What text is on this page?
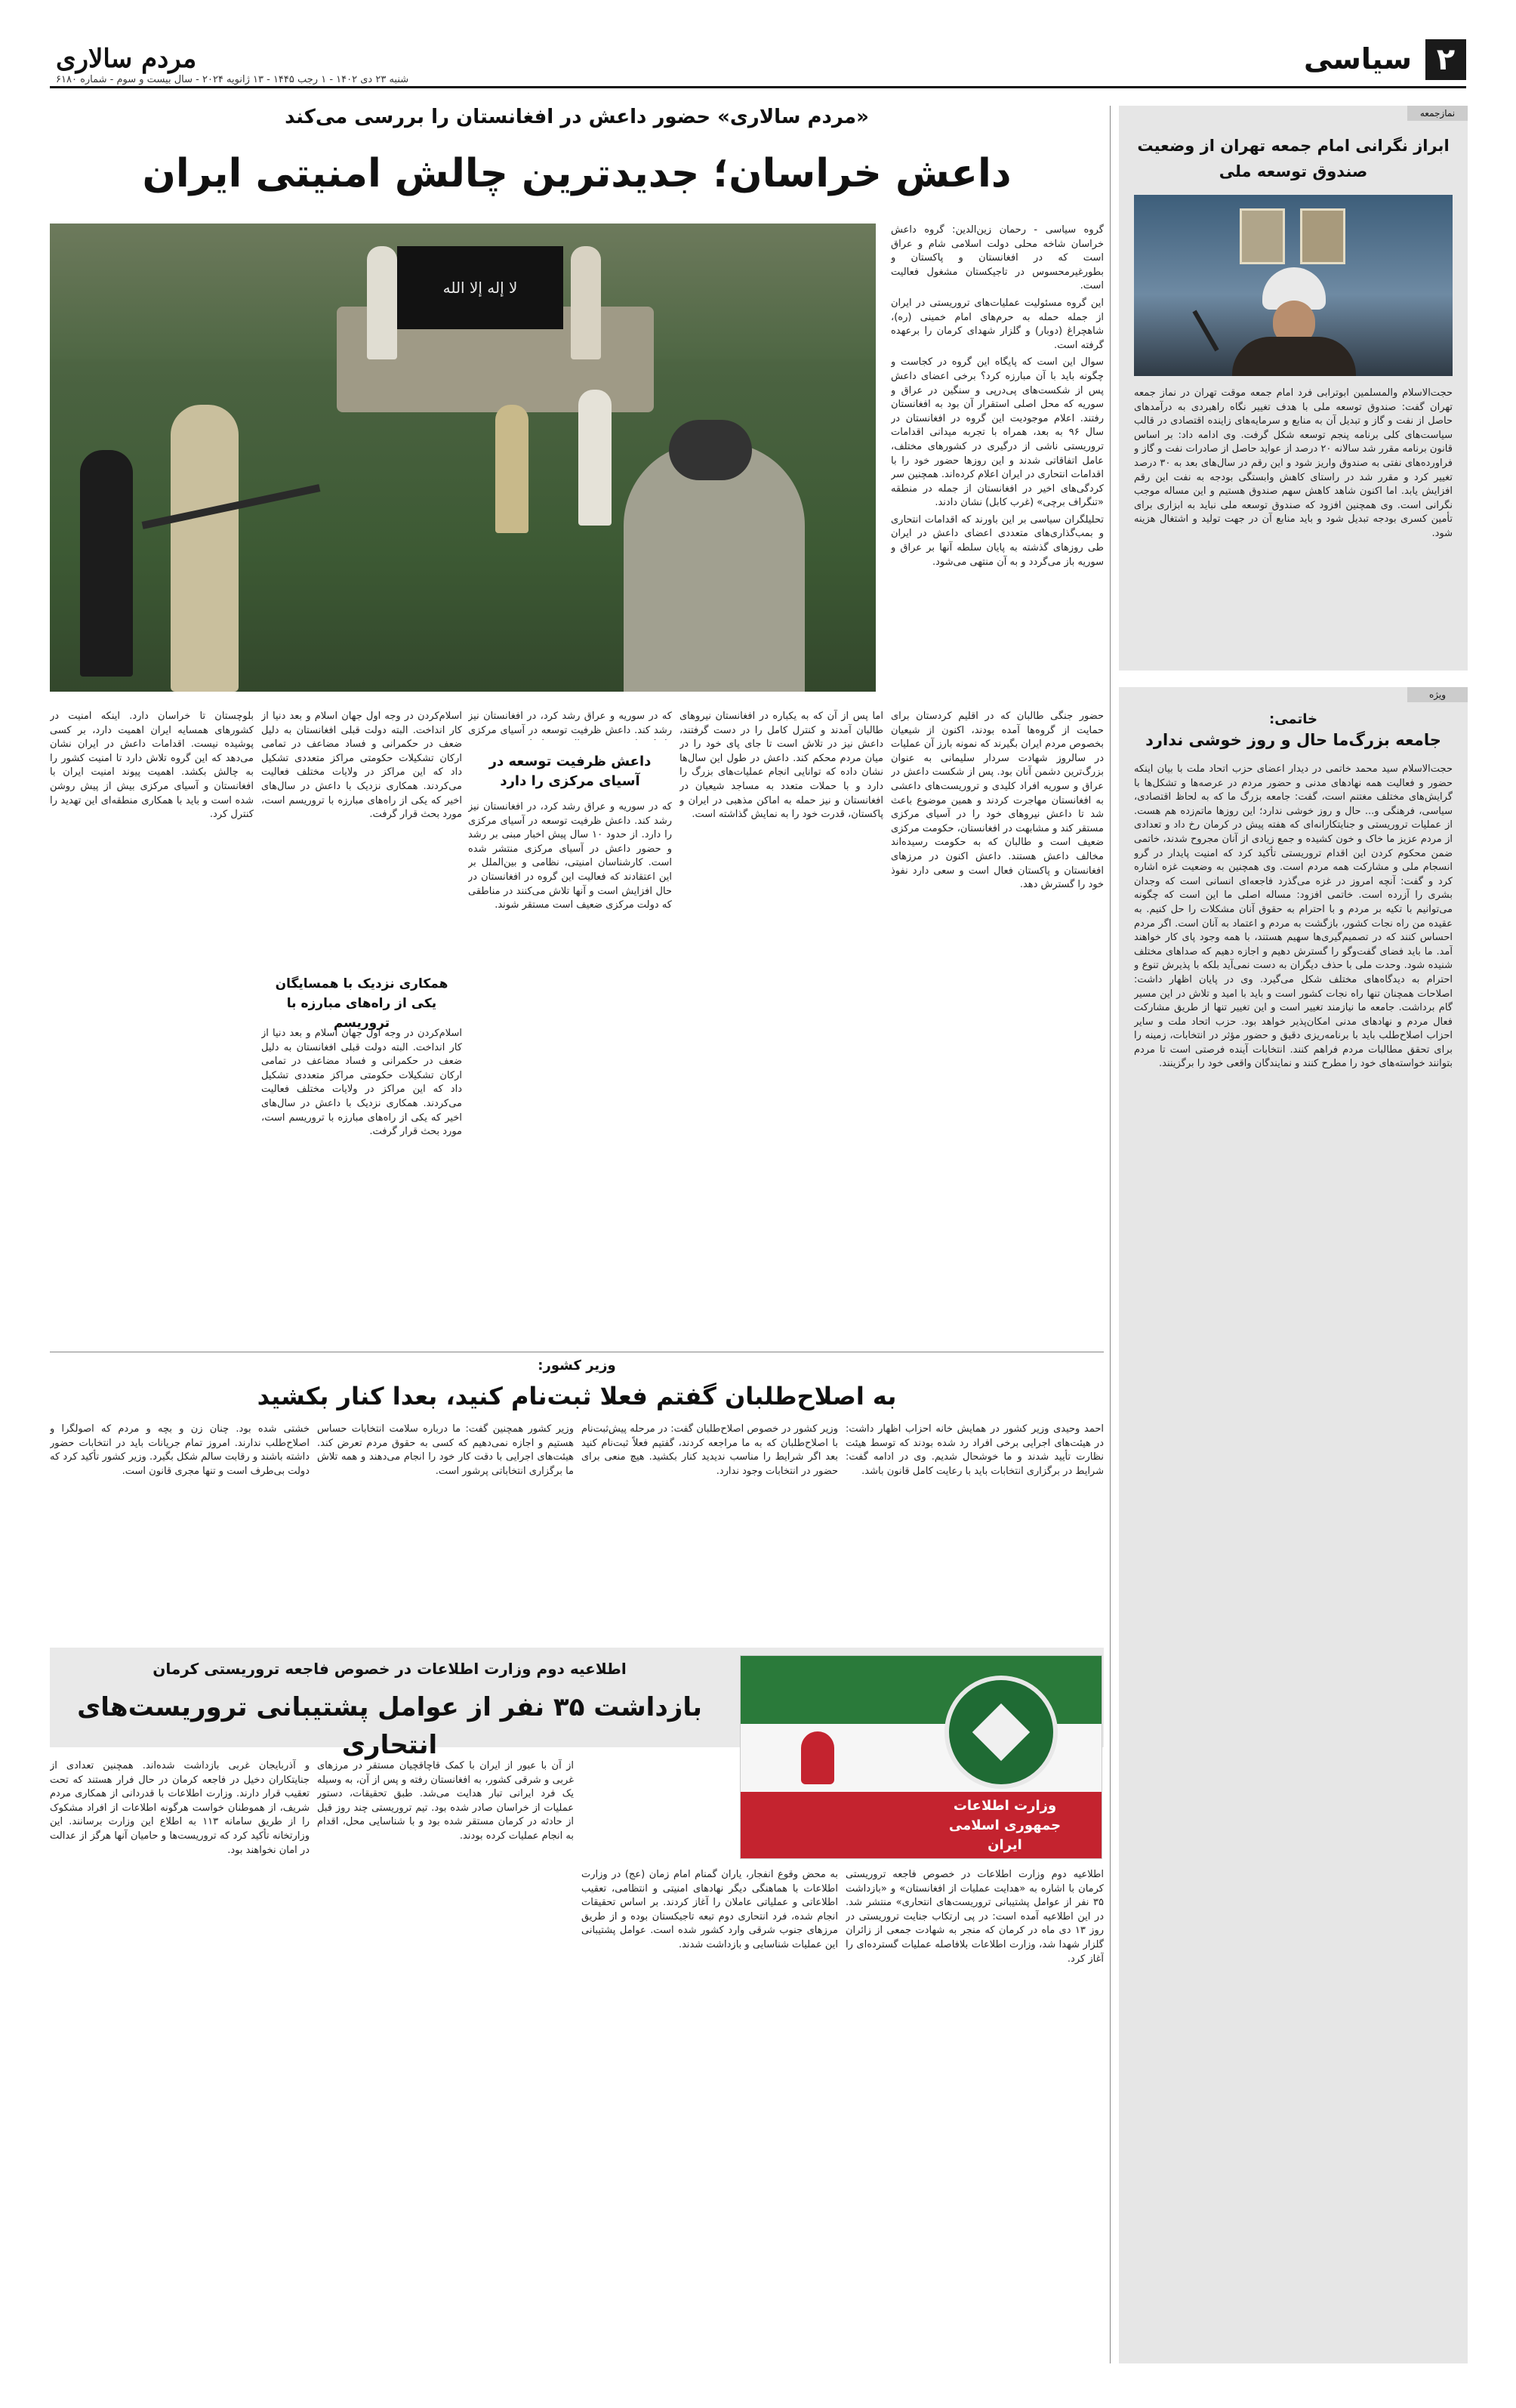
۲
سیاسی
مردم سالاری
شنبه ۲۳ دی ۱۴۰۲ - ۱ رجب ۱۴۴۵ - ۱۳ ژانویه ۲۰۲۴ - سال بیست و سوم - شماره ۶۱۸۰
نمازجمعه
ابراز نگرانی امام جمعه تهران از وضعیت صندوق توسعه ملی
حجت‌الاسلام والمسلمین ابوترابی فرد امام جمعه موقت تهران در نماز جمعه تهران گفت: صندوق توسعه ملی با هدف تغییر نگاه راهبردی به درآمدهای حاصل از نفت و گاز و تبدیل آن به منابع و سرمایه‌های زاینده اقتصادی در قالب سیاست‌های کلی برنامه پنجم توسعه شکل گرفت. وی ادامه داد: بر اساس قانون برنامه مقرر شد سالانه ۲۰ درصد از عواید حاصل از صادرات نفت و گاز و فراورده‌های نفتی به صندوق واریز شود و این رقم در سال‌های بعد به ۳۰ درصد تغییر کرد و مقرر شد در راستای کاهش وابستگی بودجه به نفت این رقم افزایش یابد. اما اکنون شاهد کاهش سهم صندوق هستیم و این مساله موجب نگرانی است. وی همچنین افزود که صندوق توسعه ملی نباید به ابزاری برای تأمین کسری بودجه تبدیل شود و باید منابع آن در جهت تولید و اشتغال هزینه شود.
ویژه
خاتمی:
جامعه بزرگ‌ما حال و روز خوشی ندارد
حجت‌الاسلام سید محمد خاتمی در دیدار اعضای حزب اتحاد ملت با بیان اینکه حضور و فعالیت همه نهادهای مدنی و حضور مردم در عرصه‌ها و تشکل‌ها با گرایش‌های مختلف مغتنم است، گفت: جامعه بزرگ ما که به لحاظ اقتصادی، سیاسی، فرهنگی و... حال و روز خوشی ندارد؛ این روزها ماتم‌زده هم هست. از عملیات تروریستی و جنایتکارانه‌ای که هفته پیش در کرمان رخ داد و تعدادی از مردم عزیز ما خاک و خون کشیده و جمع زیادی از آنان مجروح شدند، خاتمی ضمن محکوم کردن این اقدام تروریستی تأکید کرد که امنیت پایدار در گرو انسجام ملی و مشارکت همه مردم است. وی همچنین به وضعیت غزه اشاره کرد و گفت: آنچه امروز در غزه می‌گذرد فاجعه‌ای انسانی است که وجدان بشری را آزرده است. خاتمی افزود: مساله اصلی ما این است که چگونه می‌توانیم با تکیه بر مردم و با احترام به حقوق آنان مشکلات را حل کنیم. به عقیده من راه نجات کشور، بازگشت به مردم و اعتماد به آنان است. اگر مردم احساس کنند که در تصمیم‌گیری‌ها سهیم هستند، با همه وجود پای کار خواهند آمد. ما باید فضای گفت‌وگو را گسترش دهیم و اجازه دهیم که صداهای مختلف شنیده شود. وحدت ملی با حذف دیگران به دست نمی‌آید بلکه با پذیرش تنوع و احترام به دیدگاه‌های مختلف شکل می‌گیرد. وی در پایان اظهار داشت: اصلاحات همچنان تنها راه نجات کشور است و باید با امید و تلاش در این مسیر گام برداشت. جامعه ما نیازمند تغییر است و این تغییر تنها از طریق مشارکت فعال مردم و نهادهای مدنی امکان‌پذیر خواهد بود. حزب اتحاد ملت و سایر احزاب اصلاح‌طلب باید با برنامه‌ریزی دقیق و حضور مؤثر در انتخابات، زمینه را برای تحقق مطالبات مردم فراهم کنند. انتخابات آینده فرصتی است تا مردم بتوانند خواسته‌های خود را مطرح کنند و نمایندگان واقعی خود را برگزینند.
«مردم سالاری» حضور داعش در افغانستان را بررسی می‌کند
داعش خراسان؛ جدیدترین چالش امنیتی ایران
لا إله إلا الله

گروه سیاسی - رحمان زین‌الدین: گروه داعش خراسان شاخه محلی دولت اسلامی شام و عراق است که در افغانستان و پاکستان و بطورغیرمحسوس در تاجیکستان مشغول فعالیت است.

این گروه مسئولیت عملیات‌های تروریستی در ایران از جمله حمله به حرم‌های امام خمینی (ره)، شاهچراغ (دوبار) و گلزار شهدای کرمان را برعهده گرفته است.

سوال این است که پایگاه این گروه در کجاست و چگونه باید با آن مبارزه کرد؟ برخی اعضای داعش پس از شکست‌های پی‌درپی و سنگین در عراق و سوریه که محل اصلی استقرار آن بود به افغانستان رفتند. اعلام موجودیت این گروه در افغانستان در سال ۹۶ به بعد، همراه با تجربه میدانی اقدامات تروریستی ناشی از درگیری در کشورهای مختلف، عامل اتفاقاتی شدند و این روزها حضور خود را با اقدامات انتحاری در ایران اعلام کرده‌اند. همچنین سر کردگی‌های اخیر در افغانستان از جمله در منطقه «تنگراف برچی» (غرب کابل) نشان دادند.

تحلیلگران سیاسی بر این باورند که اقدامات انتحاری و بمب‌گذاری‌های متعددی اعضای داعش در ایران طی روزهای گذشته به پایان سلطه آنها بر عراق و سوریه باز می‌گردد و به آن منتهی می‌شود.

حضور جنگی طالبان که در اقلیم کردستان برای حمایت از گروه‌ها آمده بودند، اکنون از شیعیان بخصوص مردم ایران بگیرند که نمونه بارز آن عملیات در سالروز شهادت سردار سلیمانی به عنوان بزرگ‌ترین دشمن آنان بود. پس از شکست داعش در عراق و سوریه افراد کلیدی و تروریست‌های داعشی به افغانستان مهاجرت کردند و همین موضوع باعث شد تا داعش نیروهای خود را در آسیای مرکزی مستقر کند و مشابهت در افغانستان، حکومت مرکزی ضعیف است و طالبان که به حکومت رسیده‌اند مخالف داعش هستند. داعش اکنون در مرزهای افغانستان و پاکستان فعال است و سعی دارد نفوذ خود را گسترش دهد.
اما پس از آن که به یکباره در افغانستان نیروهای طالبان آمدند و کنترل کامل را در دست گرفتند، داعش نیز در تلاش است تا جای پای خود را در میان مردم محکم کند. داعش در طول این سال‌ها نشان داده که توانایی انجام عملیات‌های بزرگ را دارد و با حملات متعدد به مساجد شیعیان در افغانستان و نیز حمله به اماکن مذهبی در ایران و پاکستان، قدرت خود را به نمایش گذاشته است.
که در سوریه و عراق رشد کرد، در افغانستان نیز رشد کند. داعش ظرفیت توسعه در آسیای مرکزی
داعش ظرفیت توسعه در آسیای مرکزی را دارد
که در سوریه و عراق رشد کرد، در افغانستان نیز رشد کند. داعش ظرفیت توسعه در آسیای مرکزی را دارد. از حدود ۱۰ سال پیش اخبار مبنی بر رشد و حضور داعش در آسیای مرکزی منتشر شده است. کارشناسان امنیتی، نظامی و بین‌الملل بر این اعتقادند که فعالیت این گروه در افغانستان در حال افزایش است و آنها تلاش می‌کنند در مناطقی که دولت مرکزی ضعیف است مستقر شوند.
اسلام‌کردن در وجه اول جهان اسلام و بعد دنیا از کار انداخت. البته دولت قبلی افغانستان به دلیل ضعف در حکمرانی و فساد مضاعف در تمامی ارکان تشکیلات حکومتی مراکز متعددی تشکیل داد که این مراکز در ولایات مختلف فعالیت می‌کردند. همکاری نزدیک با داعش در سال‌های اخیر که یکی از راه‌های مبارزه با تروریسم است، مورد بحث قرار گرفت.
همکاری نزدیک با همسایگان یکی از راه‌های مبارزه با تروریسم
اسلام‌کردن در وجه اول جهان اسلام و بعد دنیا از کار انداخت. البته دولت قبلی افغانستان به دلیل ضعف در حکمرانی و فساد مضاعف در تمامی ارکان تشکیلات حکومتی مراکز متعددی تشکیل داد که این مراکز در ولایات مختلف فعالیت می‌کردند. همکاری نزدیک با داعش در سال‌های اخیر که یکی از راه‌های مبارزه با تروریسم است، مورد بحث قرار گرفت.
بلوچستان تا خراسان دارد. اینکه امنیت در کشورهای همسایه ایران اهمیت دارد، بر کسی پوشیده نیست. اقدامات داعش در ایران نشان می‌دهد که این گروه تلاش دارد تا امنیت کشور را به چالش بکشد. اهمیت پیوند امنیت ایران با افغانستان و آسیای مرکزی بیش از پیش روشن شده است و باید با همکاری منطقه‌ای این تهدید را کنترل کرد.
وزیر کشور:
به اصلاح‌طلبان گفتم فعلا ثبت‌نام کنید، بعدا کنار بکشید
احمد وحیدی وزیر کشور در همایش خانه احزاب اظهار داشت: در هیئت‌های اجرایی برخی افراد رد شده بودند که توسط هیئت نظارت تأیید شدند و ما خوشحال شدیم. وی در ادامه گفت: شرایط در برگزاری انتخابات باید با رعایت کامل قانون باشد.
وزیر کشور در خصوص اصلاح‌طلبان گفت: در مرحله پیش‌ثبت‌نام با اصلاح‌طلبان که به ما مراجعه کردند، گفتیم فعلاً ثبت‌نام کنید بعد اگر شرایط را مناسب ندیدید کنار بکشید. هیچ منعی برای حضور در انتخابات وجود ندارد.
وزیر کشور همچنین گفت: ما درباره سلامت انتخابات حساس هستیم و اجازه نمی‌دهیم که کسی به حقوق مردم تعرض کند. هیئت‌های اجرایی با دقت کار خود را انجام می‌دهند و همه تلاش ما برگزاری انتخاباتی پرشور است.
خشتی شده بود. چنان زن و بچه و مردم که اصولگرا و اصلاح‌طلب ندارند. امروز تمام جریانات باید در انتخابات حضور داشته باشند و رقابت سالم شکل بگیرد. وزیر کشور تأکید کرد که دولت بی‌طرف است و تنها مجری قانون است.
اطلاعیه دوم وزارت اطلاعات در خصوص فاجعه تروریستی کرمان
بازداشت ۳۵ نفر از عوامل پشتیبانی تروریست‌های انتحاری
وزارت اطلاعات جمهوری اسلامی ایران
اطلاعیه دوم وزارت اطلاعات در خصوص فاجعه تروریستی کرمان با اشاره به «هدایت عملیات از افغانستان» و «بازداشت ۳۵ نفر از عوامل پشتیبانی تروریست‌های انتحاری» منتشر شد. در این اطلاعیه آمده است: در پی ارتکاب جنایت تروریستی در روز ۱۳ دی ماه در کرمان که منجر به شهادت جمعی از زائران گلزار شهدا شد، وزارت اطلاعات بلافاصله عملیات گسترده‌ای را آغاز کرد.
به محض وقوع انفجار، یاران گمنام امام زمان (عج) در وزارت اطلاعات با هماهنگی دیگر نهادهای امنیتی و انتظامی، تعقیب اطلاعاتی و عملیاتی عاملان را آغاز کردند. بر اساس تحقیقات انجام شده، فرد انتحاری دوم تبعه تاجیکستان بوده و از طریق مرزهای جنوب شرقی وارد کشور شده است. عوامل پشتیبانی این عملیات شناسایی و بازداشت شدند.
از آن با عبور از ایران با کمک قاچاقچیان مستقر در مرزهای غربی و شرقی کشور، به افغانستان رفته و پس از آن، به وسیله یک فرد ایرانی تبار هدایت می‌شد. طبق تحقیقات، دستور عملیات از خراسان صادر شده بود. تیم تروریستی چند روز قبل از حادثه در کرمان مستقر شده بود و با شناسایی محل، اقدام به انجام عملیات کرده بودند.
و آذربایجان غربی بازداشت شده‌اند. همچنین تعدادی از جنایتکاران دخیل در فاجعه کرمان در حال فرار هستند که تحت تعقیب قرار دارند. وزارت اطلاعات با قدردانی از همکاری مردم شریف، از هموطنان خواست هرگونه اطلاعات از افراد مشکوک را از طریق سامانه ۱۱۳ به اطلاع این وزارت برسانند. این وزارتخانه تأکید کرد که تروریست‌ها و حامیان آنها هرگز از عدالت در امان نخواهند بود.
